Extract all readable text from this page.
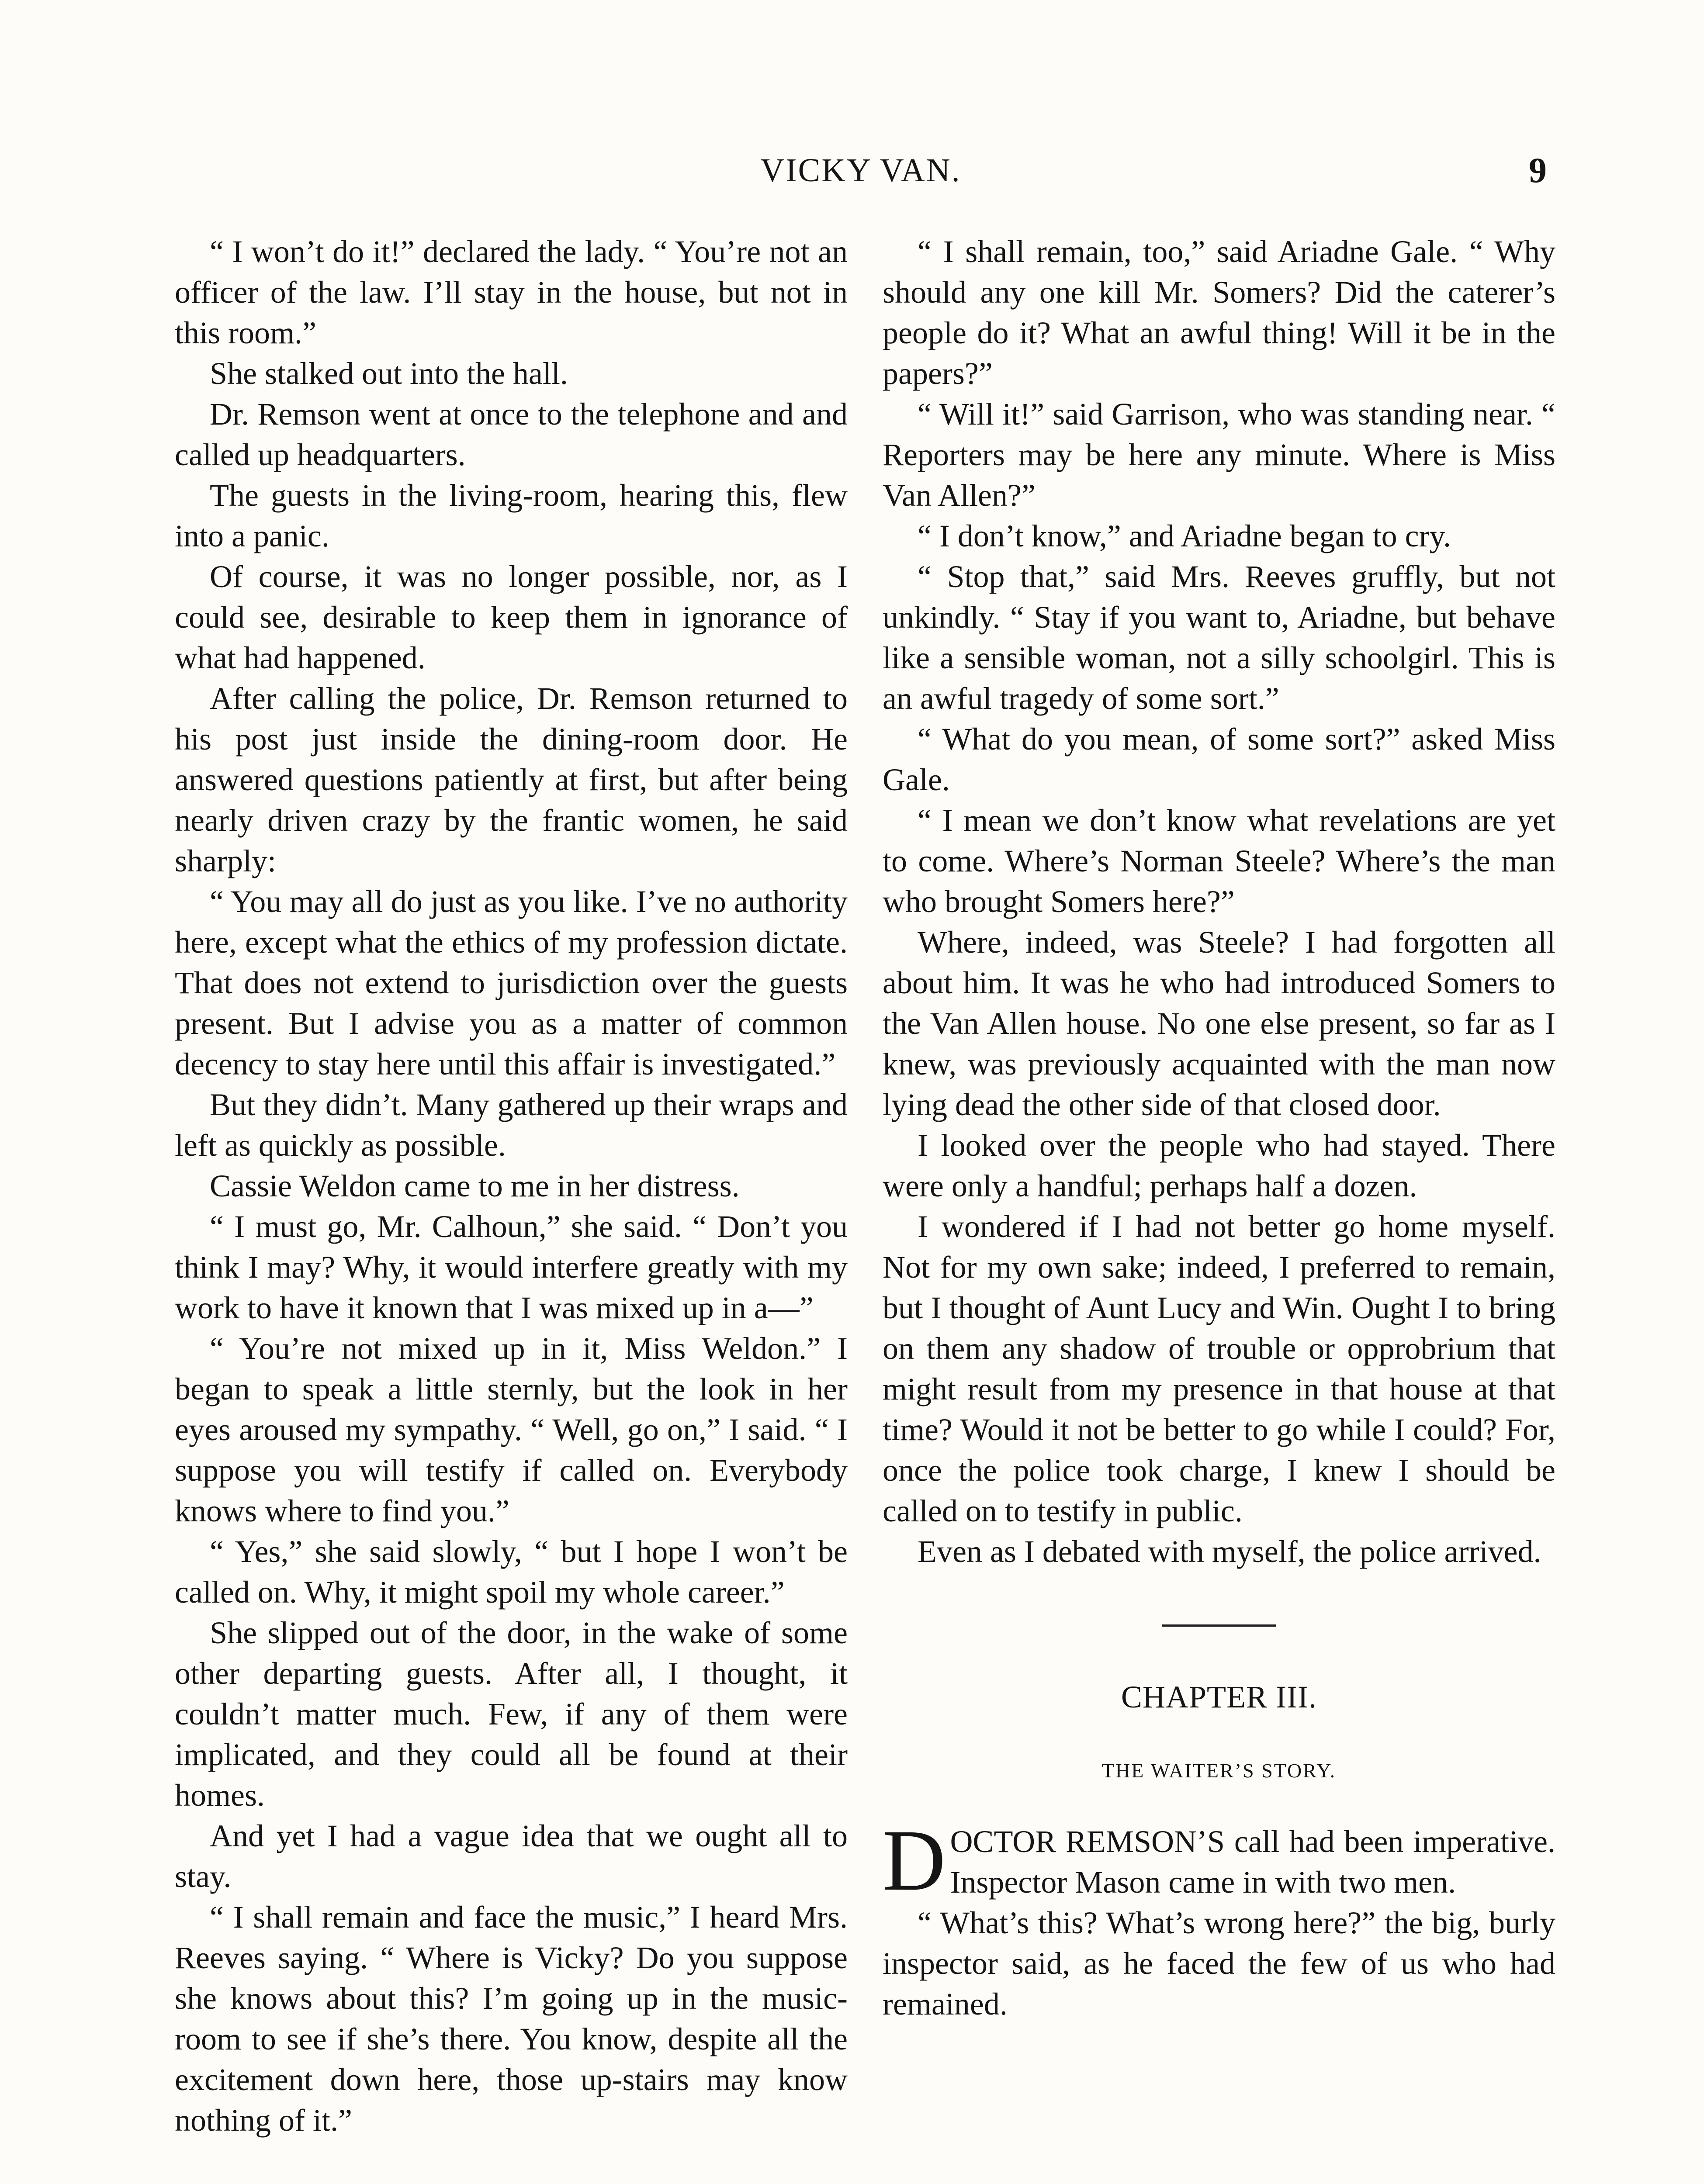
VICKY VAN.	9

“ I won’t do it!” declared the lady. “ You’re not an officer of the law. I’ll stay in the house, but not in this room.”

She stalked out into the hall.

Dr. Remson went at once to the telephone and and called up headquarters.

The guests in the living-room, hearing this, flew into a panic.

Of course, it was no longer possible, nor, as I could see, desirable to keep them in ignorance of what had happened.

After calling the police, Dr. Remson returned to his post just inside the dining-room door. He answered questions patiently at first, but after being nearly driven crazy by the frantic women, he said sharply:

“ You may all do just as you like. I’ve no authority here, except what the ethics of my profession dictate. That does not extend to jurisdiction over the guests present. But I advise you as a matter of common decency to stay here until this affair is investigated.”

But they didn’t. Many gathered up their wraps and left as quickly as possible.

Cassie Weldon came to me in her distress.

“ I must go, Mr. Calhoun,” she said. “ Don’t you think I may? Why, it would interfere greatly with my work to have it known that I was mixed up in a—”

“ You’re not mixed up in it, Miss Weldon.” I began to speak a little sternly, but the look in her eyes aroused my sympathy. “ Well, go on,” I said. “ I suppose you will testify if called on. Everybody knows where to find you.”

“ Yes,” she said slowly, “ but I hope I won’t be called on. Why, it might spoil my whole career.”

She slipped out of the door, in the wake of some other departing guests. After all, I thought, it couldn’t matter much. Few, if any of them were implicated, and they could all be found at their homes.

And yet I had a vague idea that we ought all to stay.

“ I shall remain and face the music,” I heard Mrs. Reeves saying. “ Where is Vicky? Do you suppose she knows about this? I’m going up in the music-room to see if she’s there. You know, despite all the excitement down here, those up-stairs may know nothing of it.”

“ I shall remain, too,” said Ariadne Gale. “ Why should any one kill Mr. Somers? Did the caterer’s people do it? What an awful thing! Will it be in the papers?”

“ Will it!” said Garrison, who was standing near. “ Reporters may be here any minute. Where is Miss Van Allen?”

“ I don’t know,” and Ariadne began to cry.

“ Stop that,” said Mrs. Reeves gruffly, but not unkindly. “ Stay if you want to, Ariadne, but behave like a sensible woman, not a silly schoolgirl. This is an awful tragedy of some sort.”

“ What do you mean, of some sort?” asked Miss Gale.

“ I mean we don’t know what revelations are yet to come. Where’s Norman Steele? Where’s the man who brought Somers here?”

Where, indeed, was Steele? I had forgotten all about him. It was he who had introduced Somers to the Van Allen house. No one else present, so far as I knew, was previously acquainted with the man now lying dead the other side of that closed door.

I looked over the people who had stayed. There were only a handful; perhaps half a dozen.

I wondered if I had not better go home myself. Not for my own sake; indeed, I preferred to remain, but I thought of Aunt Lucy and Win. Ought I to bring on them any shadow of trouble or opprobrium that might result from my presence in that house at that time? Would it not be better to go while I could? For, once the police took charge, I knew I should be called on to testify in public.

Even as I debated with myself, the police arrived.

CHAPTER III.
THE WAITER’S STORY.

DOCTOR REMSON’S call had been imperative. Inspector Mason came in with two men.

“ What’s this? What’s wrong here?” the big, burly inspector said, as he faced the few of us who had remained.
